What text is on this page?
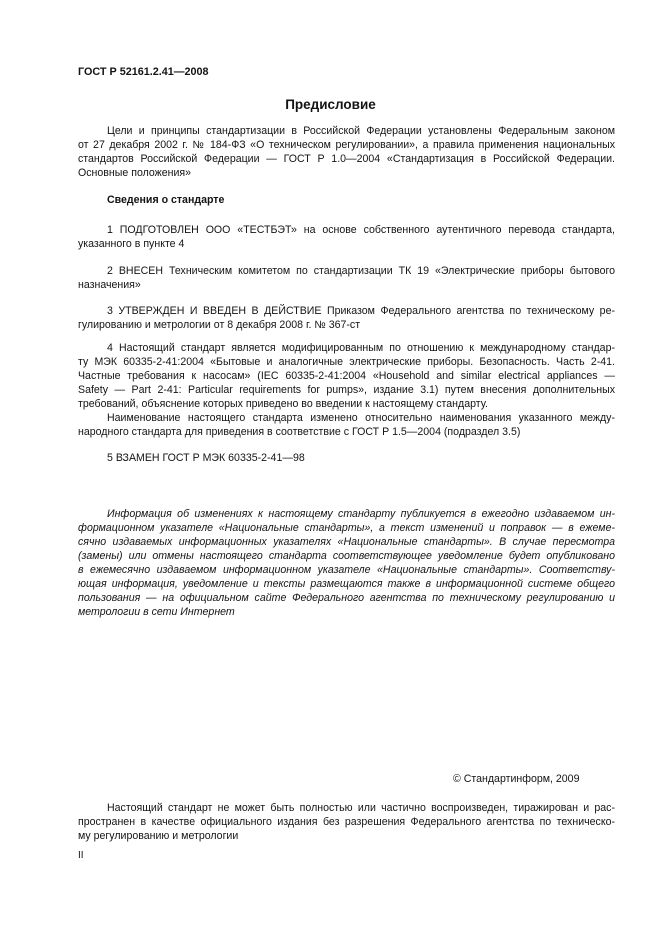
ГОСТ Р 52161.2.41—2008
Предисловие
Цели и принципы стандартизации в Российской Федерации установлены Федеральным законом
от 27 декабря 2002 г. № 184-ФЗ «О техническом регулировании», а правила применения национальных
стандартов Российской Федерации — ГОСТ Р 1.0—2004 «Стандартизация в Российской Федерации.
Основные положения»
Сведения о стандарте
1 ПОДГОТОВЛЕН ООО «ТЕСТБЭТ» на основе собственного аутентичного перевода стандарта,
указанного в пункте 4
2 ВНЕСЕН Техническим комитетом по стандартизации ТК 19 «Электрические приборы бытового
назначения»
3 УТВЕРЖДЕН И ВВЕДЕН В ДЕЙСТВИЕ Приказом Федерального агентства по техническому ре-
гулированию и метрологии от 8 декабря 2008 г. № 367-ст
4 Настоящий стандарт является модифицированным по отношению к международному стандар-
ту МЭК 60335-2-41:2004 «Бытовые и аналогичные электрические приборы. Безопасность. Часть 2-41.
Частные требования к насосам» (IEC 60335-2-41:2004 «Household and similar electrical appliances —
Safety — Part 2-41: Particular requirements for pumps», издание 3.1) путем внесения дополнительных
требований, объяснение которых приведено во введении к настоящему стандарту.
Наименование настоящего стандарта изменено относительно наименования указанного между-
народного стандарта для приведения в соответствие с ГОСТ Р 1.5—2004 (подраздел 3.5)
5 ВЗАМЕН ГОСТ Р МЭК 60335-2-41—98
Информация об изменениях к настоящему стандарту публикуется в ежегодно издаваемом ин-
формационном указателе «Национальные стандарты», а текст изменений и поправок — в ежеме-
сячно издаваемых информационных указателях «Национальные стандарты». В случае пересмотра
(замены) или отмены настоящего стандарта соответствующее уведомление будет опубликовано
в ежемесячно издаваемом информационном указателе «Национальные стандарты». Соответству-
ющая информация, уведомление и тексты размещаются также в информационной системе общего
пользования — на официальном сайте Федерального агентства по техническому регулированию и
метрологии в сети Интернет
© Стандартинформ, 2009
Настоящий стандарт не может быть полностью или частично воспроизведен, тиражирован и рас-
пространен в качестве официального издания без разрешения Федерального агентства по техническо-
му регулированию и метрологии
II
